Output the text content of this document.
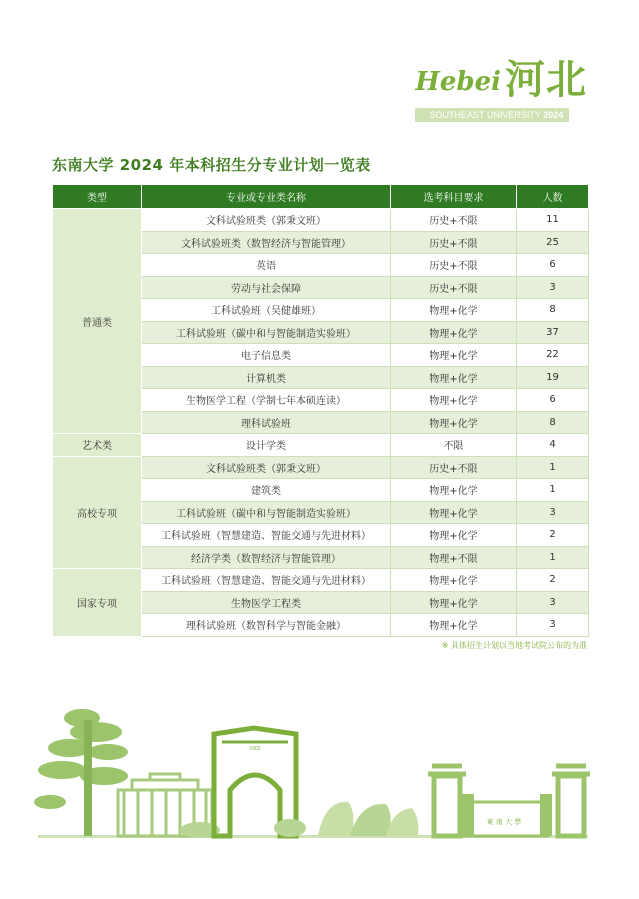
Hebei 河北
SOUTHEAST UNIVERSITY 2024
东南大学 2024 年本科招生分专业计划一览表
类型	专业或专业类名称	选考科目要求	人数
普通类	文科试验班类（郭秉文班）	历史+不限	11
	文科试验班类（数智经济与智能管理）	历史+不限	25
	英语	历史+不限	6
	劳动与社会保障	历史+不限	3
	工科试验班（吴健雄班）	物理+化学	8
	工科试验班（碳中和与智能制造实验班）	物理+化学	37
	电子信息类	物理+化学	22
	计算机类	物理+化学	19
	生物医学工程（学制七年本硕连读）	物理+化学	6
	理科试验班	物理+化学	8
艺术类	设计学类	不限	4
高校专项	文科试验班类（郭秉文班）	历史+不限	1
	建筑类	物理+化学	1
	工科试验班（碳中和与智能制造实验班）	物理+化学	3
	工科试验班（智慧建造、智能交通与先进材料）	物理+化学	2
	经济学类（数智经济与智能管理）	物理+不限	1
国家专项	工科试验班（智慧建造、智能交通与先进材料）	物理+化学	2
	生物医学工程类	物理+化学	3
	理科试验班（数智科学与智能金融）	物理+化学	3
※ 具体招生计划以当地考试院公布的为准
1902
東 南 大 學
